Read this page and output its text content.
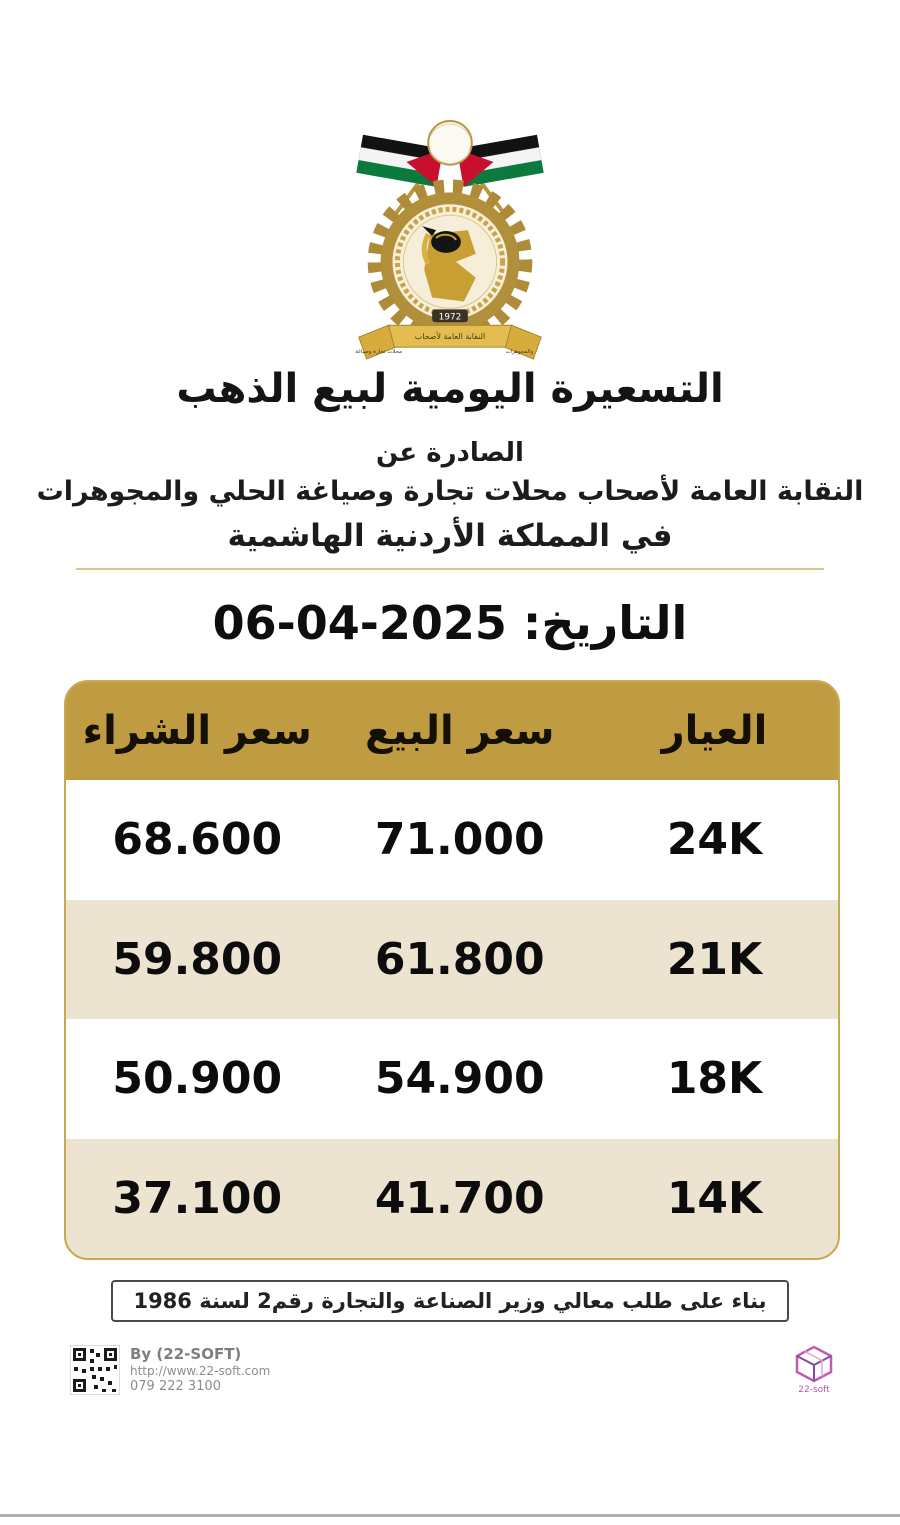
1972
النقابة العامة لأصحاب
محلات تجارة وصياغة	والمجوهرات
التسعيرة اليومية لبيع الذهب
الصادرة عن
النقابة العامة لأصحاب محلات تجارة وصياغة الحلي والمجوهرات
في المملكة الأردنية الهاشمية
التاريخ:
06-04-2025
العيار
سعر البيع
سعر الشراء
24K
71.000
68.600
21K
61.800
59.800
18K
54.900
50.900
14K
41.700
37.100
بناء على طلب معالي وزير الصناعة والتجارة رقم2 لسنة 1986
By (22-SOFT)
http://www.22-soft.com
079 222 3100	22-soft
